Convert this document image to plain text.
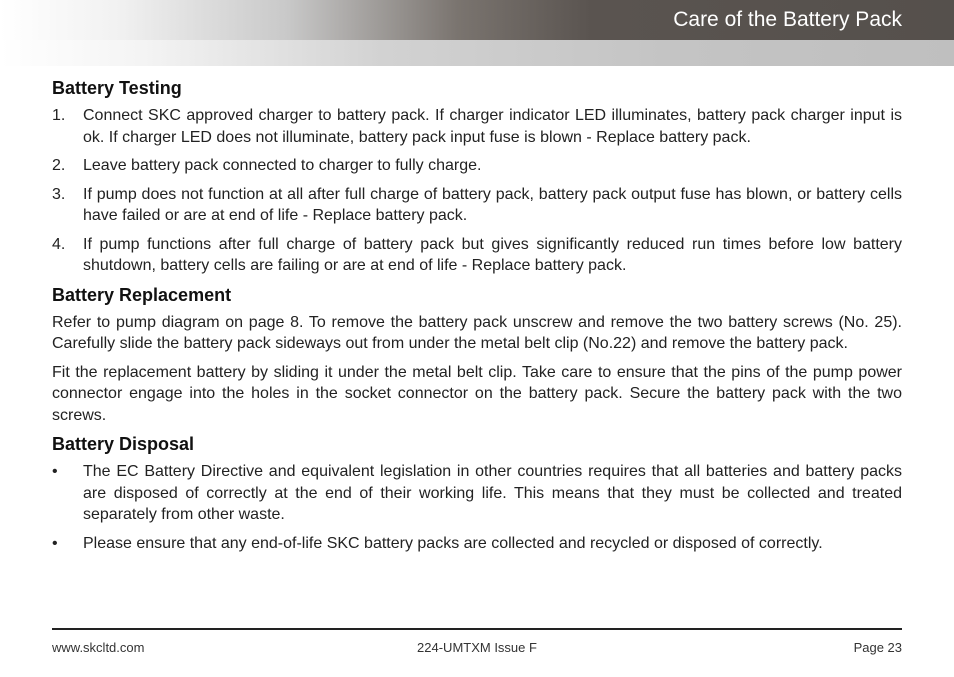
Care of the Battery Pack
Battery Testing
1. Connect SKC approved charger to battery pack. If charger indicator LED illuminates, battery pack charger input is ok. If charger LED does not illuminate, battery pack input fuse is blown - Replace battery pack.
2. Leave battery pack connected to charger to fully charge.
3. If pump does not function at all after full charge of battery pack, battery pack output fuse has blown, or battery cells have failed or are at end of life - Replace battery pack.
4. If pump functions after full charge of battery pack but gives significantly reduced run times before low battery shutdown, battery cells are failing or are at end of life - Replace battery pack.
Battery Replacement

Refer to pump diagram on page 8. To remove the battery pack unscrew and remove the two battery screws (No. 25). Carefully slide the battery pack sideways out from under the metal belt clip (No.22) and remove the battery pack.

Fit the replacement battery by sliding it under the metal belt clip. Take care to ensure that the pins of the pump power connector engage into the holes in the socket connector on the battery pack. Secure the battery pack with the two screws.

Battery Disposal
• The EC Battery Directive and equivalent legislation in other countries requires that all batteries and battery packs are disposed of correctly at the end of their working life. This means that they must be collected and treated separately from other waste.
• Please ensure that any end-of-life SKC battery packs are collected and recycled or disposed of correctly.
www.skcltd.com	224-UMTXM Issue F	Page 23
